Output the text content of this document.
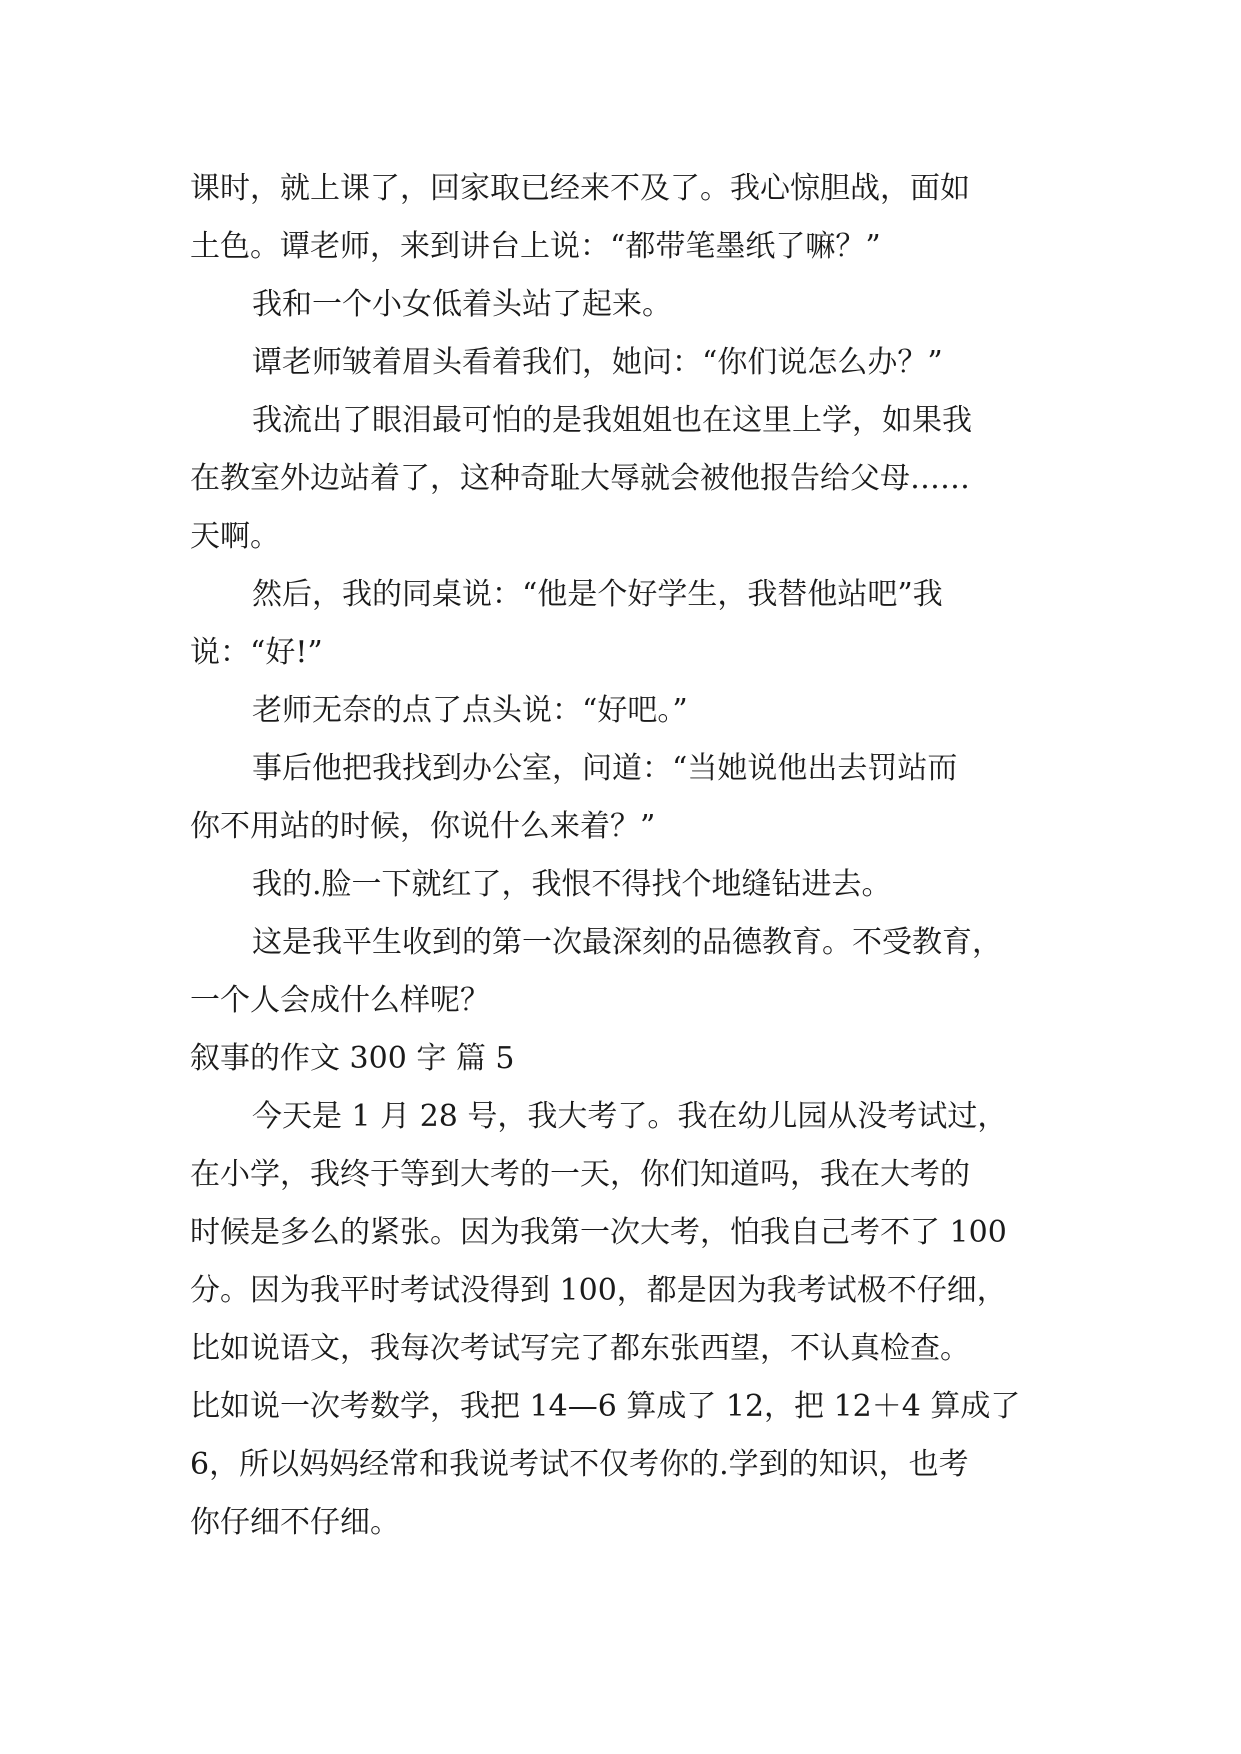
课时，就上课了，回家取已经来不及了。我心惊胆战，面如
土色。谭老师，来到讲台上说：“都带笔墨纸了嘛？”

我和一个小女低着头站了起来。

谭老师皱着眉头看着我们，她问：“你们说怎么办？”

我流出了眼泪最可怕的是我姐姐也在这里上学，如果我
在教室外边站着了，这种奇耻大辱就会被他报告给父母……
天啊。

然后，我的同桌说：“他是个好学生，我替他站吧”我
说：“好!”

老师无奈的点了点头说：“好吧。”

事后他把我找到办公室，问道：“当她说他出去罚站而
你不用站的时候，你说什么来着？”

我的.脸一下就红了，我恨不得找个地缝钻进去。

这是我平生收到的第一次最深刻的品德教育。不受教育，
一个人会成什么样呢？

叙事的作文 300 字 篇 5

今天是 1 月 28 号，我大考了。我在幼儿园从没考试过，
在小学，我终于等到大考的一天，你们知道吗，我在大考的
时候是多么的紧张。因为我第一次大考，怕我自己考不了 100
分。因为我平时考试没得到 100，都是因为我考试极不仔细，
比如说语文，我每次考试写完了都东张西望，不认真检查。
比如说一次考数学，我把 14—6 算成了 12，把 12＋4 算成了
6，所以妈妈经常和我说考试不仅考你的.学到的知识，也考
你仔细不仔细。
